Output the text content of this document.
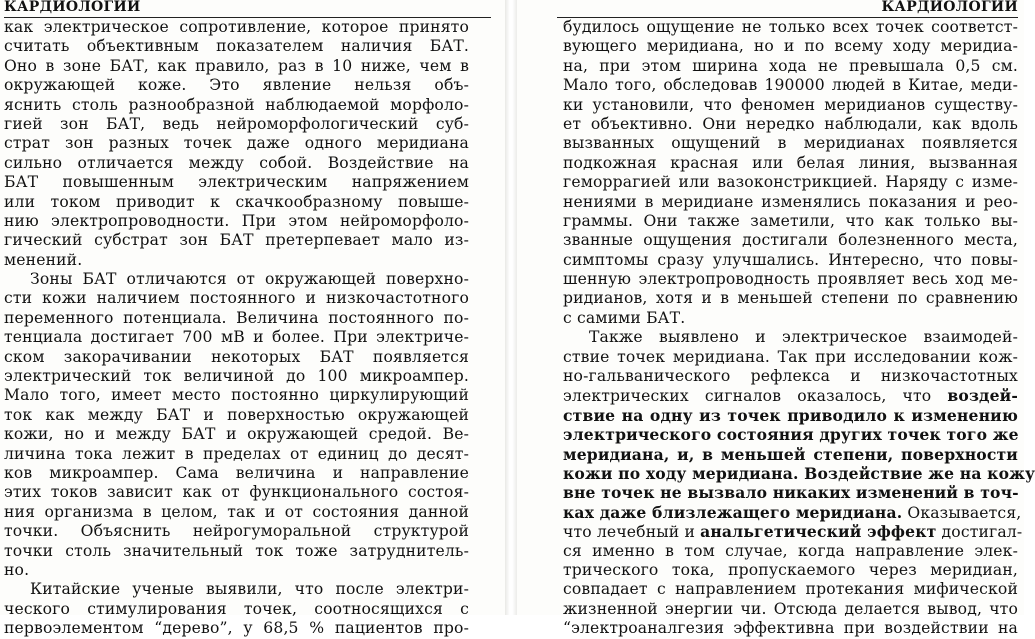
КАРДИОЛОГИИ
как электрическое сопротивление, которое принято
считать объективным показателем наличия БАТ.
Оно в зоне БАТ, как правило, раз в 10 ниже, чем в
окружающей коже. Это явление нельзя объ-
яснить столь разнообразной наблюдаемой морфоло-
гией зон БАТ, ведь нейроморфологический суб-
страт зон разных точек даже одного меридиана
сильно отличается между собой. Воздействие на
БАТ повышенным электрическим напряжением
или током приводит к скачкообразному повыше-
нию электропроводности. При этом нейроморфоло-
гический субстрат зон БАТ претерпевает мало из-
менений.
Зоны БАТ отличаются от окружающей поверхно-
сти кожи наличием постоянного и низкочастотного
переменного потенциала. Величина постоянного по-
тенциала достигает 700 мВ и более. При электриче-
ском закорачивании некоторых БАТ появляется
электрический ток величиной до 100 микроампер.
Мало того, имеет место постоянно циркулирующий
ток как между БАТ и поверхностью окружающей
кожи, но и между БАТ и окружающей средой. Ве-
личина тока лежит в пределах от единиц до десят-
ков микроампер. Сама величина и направление
этих токов зависит как от функционального состоя-
ния организма в целом, так и от состояния данной
точки. Объяснить нейрогуморальной структурой
точки столь значительный ток тоже затруднитель-
но.
Китайские ученые выявили, что после электри-
ческого стимулирования точек, соотносящихся с
первоэлементом “дерево”, у 68,5 % пациентов про-
КАРДИОЛОГИИ
будилось ощущение не только всех точек соответст-
вующего меридиана, но и по всему ходу меридиа-
на, при этом ширина хода не превышала 0,5 см.
Мало того, обследовав 190000 людей в Китае, меди-
ки установили, что феномен меридианов существу-
ет объективно. Они нередко наблюдали, как вдоль
вызванных ощущений в меридианах появляется
подкожная красная или белая линия, вызванная
геморрагией или вазоконстрикцией. Наряду с изме-
нениями в меридиане изменялись показания и рео-
граммы. Они также заметили, что как только вы-
званные ощущения достигали болезненного места,
симптомы сразу улучшались. Интересно, что повы-
шенную электропроводность проявляет весь ход ме-
ридианов, хотя и в меньшей степени по сравнению
с самими БАТ.
Также выявлено и электрическое взаимодей-
ствие точек меридиана. Так при исследовании кож-
но-гальванического рефлекса и низкочастотных
электрических сигналов оказалось, что воздей-
ствие на одну из точек приводило к изменению
электрического состояния других точек того же
меридиана, и, в меньшей степени, поверхности
кожи по ходу меридиана. Воздействие же на кожу
вне точек не вызвало никаких изменений в точ-
ках даже близлежащего меридиана. Оказывается,
что лечебный и анальгетический эффект достигал-
ся именно в том случае, когда направление элек-
трического тока, пропускаемого через меридиан,
совпадает с направлением протекания мифической
жизненной энергии чи. Отсюда делается вывод, что
“электроаналгезия эффективна при воздействии на
